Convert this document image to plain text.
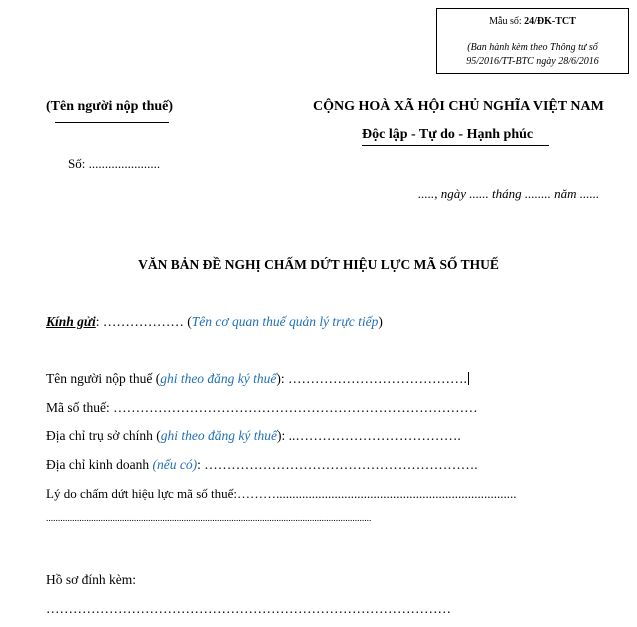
Mẫu số: 24/ĐK-TCT
(Ban hành kèm theo Thông tư số
95/2016/TT-BTC ngày 28/6/2016
(Tên người nộp thuế)
Số: ......................
CỘNG HOÀ XÃ HỘI CHỦ NGHĨA VIỆT NAM
Độc lập - Tự do - Hạnh phúc
....., ngày ...... tháng ........ năm ......
VĂN BẢN ĐỀ NGHỊ CHẤM DỨT HIỆU LỰC MÃ SỐ THUẾ
Kính gửi: ……………… (Tên cơ quan thuế quản lý trực tiếp)
Tên người nộp thuế (ghi theo đăng ký thuế): ………………………………….
Mã số thuế: ………………………………………………………………………
Địa chỉ trụ sở chính (ghi theo đăng ký thuế): ..……………………………….
Địa chỉ kinh doanh (nếu có): …………………………………………………….
Lý do chấm dứt hiệu lực mã số thuế:………..........................................................................
.........................................................................................................................................
Hồ sơ đính kèm:
………………………………………………………………………………
